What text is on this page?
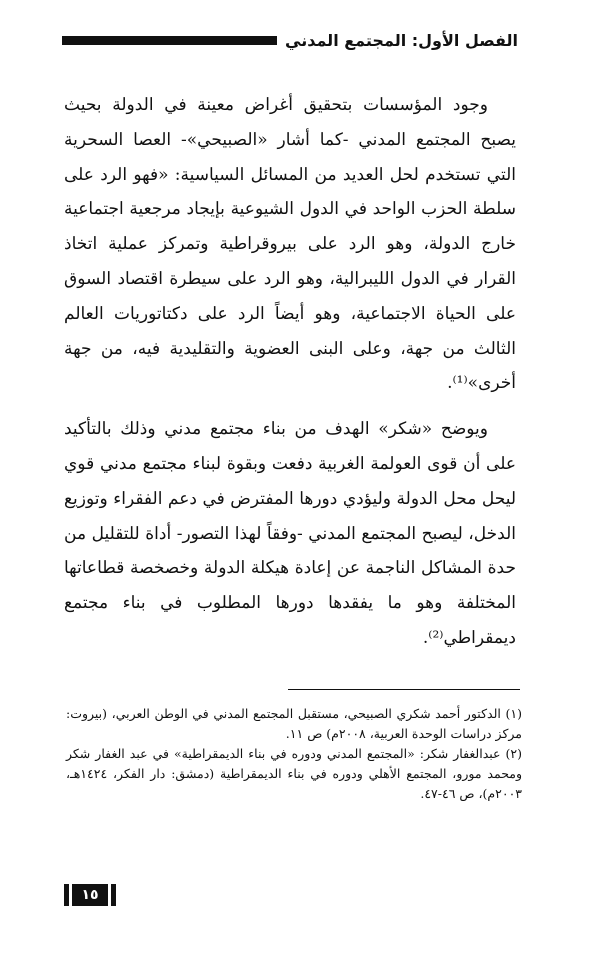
الفصل الأول: المجتمع المدني

وجود المؤسسات بتحقيق أغراض معينة في الدولة بحيث يصبح المجتمع المدني -كما أشار «الصبيحي»- العصا السحرية التي تستخدم لحل العديد من المسائل السياسية: «فهو الرد على سلطة الحزب الواحد في الدول الشيوعية بإيجاد مرجعية اجتماعية خارج الدولة، وهو الرد على بيروقراطية وتمركز عملية اتخاذ القرار في الدول الليبرالية، وهو الرد على سيطرة اقتصاد السوق على الحياة الاجتماعية، وهو أيضاً الرد على دكتاتوريات العالم الثالث من جهة، وعلى البنى العضوية والتقليدية فيه، من جهة أخرى»⁽¹⁾.

ويوضح «شكر» الهدف من بناء مجتمع مدني وذلك بالتأكيد على أن قوى العولمة الغربية دفعت وبقوة لبناء مجتمع مدني قوي ليحل محل الدولة وليؤدي دورها المفترض في دعم الفقراء وتوزيع الدخل، ليصبح المجتمع المدني -وفقاً لهذا التصور- أداة للتقليل من حدة المشاكل الناجمة عن إعادة هيكلة الدولة وخصخصة قطاعاتها المختلفة وهو ما يفقدها دورها المطلوب في بناء مجتمع ديمقراطي⁽²⁾.

(١) الدكتور أحمد شكري الصبيحي، مستقبل المجتمع المدني في الوطن العربي، (بيروت: مركز دراسات الوحدة العربية، ٢٠٠٨م) ص ١١.

(٢) عبدالغفار شكر: «المجتمع المدني ودوره في بناء الديمقراطية» في عبد الغفار شكر ومحمد مورو، المجتمع الأهلي ودوره في بناء الديمقراطية (دمشق: دار الفكر، ١٤٢٤هـ، ٢٠٠٣م)، ص ٤٦-٤٧.

١٥
